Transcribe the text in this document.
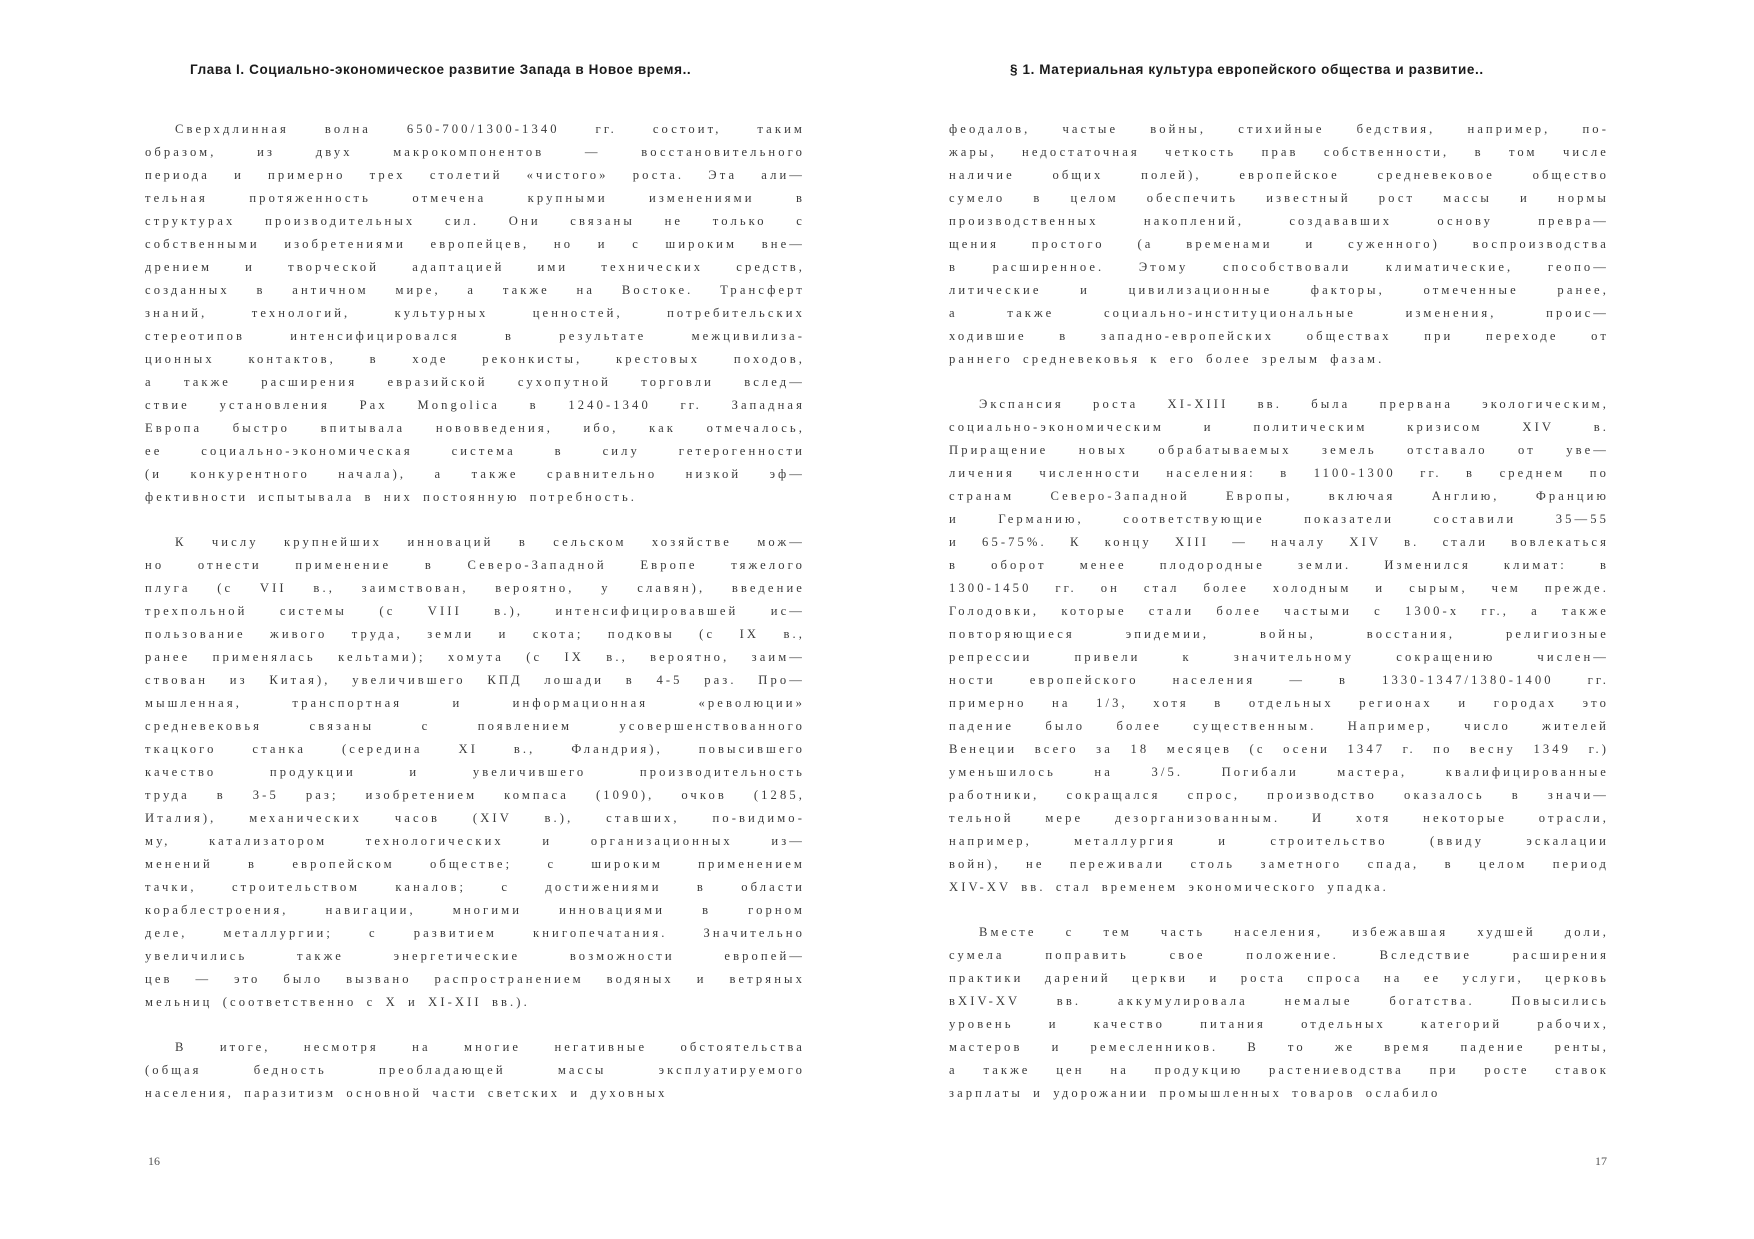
Глава I. Социально-экономическое развитие Запада в Новое время..
Сверхдлинная волна 650-700/1300-1340 гг. состоит, таким
образом, из двух макрокомпонентов — восстановительного
периода и примерно трех столетий «чистого» роста. Эта али—
тельная протяженность отмечена крупными изменениями в
структурах производительных сил. Они связаны не только с
собственными изобретениями европейцев, но и с широким вне—
дрением и творческой адаптацией ими технических средств,
созданных в античном мире, а также на Востоке. Трансферт
знаний, технологий, культурных ценностей, потребительских
стереотипов интенсифицировался в результате межцивилиза-
ционных контактов, в ходе реконкисты, крестовых походов,
а также расширения евразийской сухопутной торговли вслед—
ствие установления Pax Mongolica в 1240-1340 гг. Западная
Европа быстро впитывала нововведения, ибо, как отмечалось,
ее социально-экономическая система в силу гетерогенности
(и конкурентного начала), а также сравнительно низкой эф—
фективности испытывала в них постоянную потребность.
К числу крупнейших инноваций в сельском хозяйстве мож—
но отнести применение в Северо-Западной Европе тяжелого
плуга (с VII в., заимствован, вероятно, у славян), введение
трехпольной системы (с VIII в.), интенсифицировавшей ис—
пользование живого труда, земли и скота; подковы (с IX в.,
ранее применялась кельтами); хомута (с IX в., вероятно, заим—
ствован из Китая), увеличившего КПД лошади в 4-5 раз. Про—
мышленная, транспортная и информационная «революции»
средневековья связаны с появлением усовершенствованного
ткацкого станка (середина XI в., Фландрия), повысившего
качество продукции и увеличившего производительность
труда в 3-5 раз; изобретением компаса (1090), очков (1285,
Италия), механических часов (XIV в.), ставших, по-видимо-
му, катализатором технологических и организационных из—
менений в европейском обществе; с широким применением
тачки, строительством каналов; с достижениями в области
кораблестроения, навигации, многими инновациями в горном
деле, металлургии; с развитием книгопечатания. Значительно
увеличились также энергетические возможности европей—
цев — это было вызвано распространением водяных и ветряных
мельниц (соответственно с X и XI-XII вв.).
В итоге, несмотря на многие негативные обстоятельства
(общая бедность преобладающей массы эксплуатируемого
населения, паразитизм основной части светских и духовных
16
§ 1. Материальная культура европейского общества и развитие..
феодалов, частые войны, стихийные бедствия, например, по-
жары, недостаточная четкость прав собственности, в том числе
наличие общих полей), европейское средневековое общество
сумело в целом обеспечить известный рост массы и нормы
производственных накоплений, создававших основу превра—
щения простого (а временами и суженного) воспроизводства
в расширенное. Этому способствовали климатические, геопо—
литические и цивилизационные факторы, отмеченные ранее,
а также социально-институциональные изменения, проис—
ходившие в западно-европейских обществах при переходе от
раннего средневековья к его более зрелым фазам.
Экспансия роста XI-XIII вв. была прервана экологическим,
социально-экономическим и политическим кризисом XIV в.
Приращение новых обрабатываемых земель отставало от уве—
личения численности населения: в 1100-1300 гг. в среднем по
странам Северо-Западной Европы, включая Англию, Францию
и Германию, соответствующие показатели составили 35—55
и 65-75%. К концу XIII — началу XIV в. стали вовлекаться
в оборот менее плодородные земли. Изменился климат: в
1300-1450 гг. он стал более холодным и сырым, чем прежде.
Голодовки, которые стали более частыми с 1300-х гг., а также
повторяющиеся эпидемии, войны, восстания, религиозные
репрессии привели к значительному сокращению числен—
ности европейского населения — в 1330-1347/1380-1400 гг.
примерно на 1/3, хотя в отдельных регионах и городах это
падение было более существенным. Например, число жителей
Венеции всего за 18 месяцев (с осени 1347 г. по весну 1349 г.)
уменьшилось на 3/5. Погибали мастера, квалифицированные
работники, сокращался спрос, производство оказалось в значи—
тельной мере дезорганизованным. И хотя некоторые отрасли,
например, металлургия и строительство (ввиду эскалации
войн), не переживали столь заметного спада, в целом период
XIV-XV вв. стал временем экономического упадка.
Вместе с тем часть населения, избежавшая худшей доли,
сумела поправить свое положение. Вследствие расширения
практики дарений церкви и роста спроса на ее услуги, церковь
вXIV-XV вв. аккумулировала немалые богатства. Повысились
уровень и качество питания отдельных категорий рабочих,
мастеров и ремесленников. В то же время падение ренты,
а также цен на продукцию растениеводства при росте ставок
зарплаты и удорожании промышленных товаров ослабило
17
